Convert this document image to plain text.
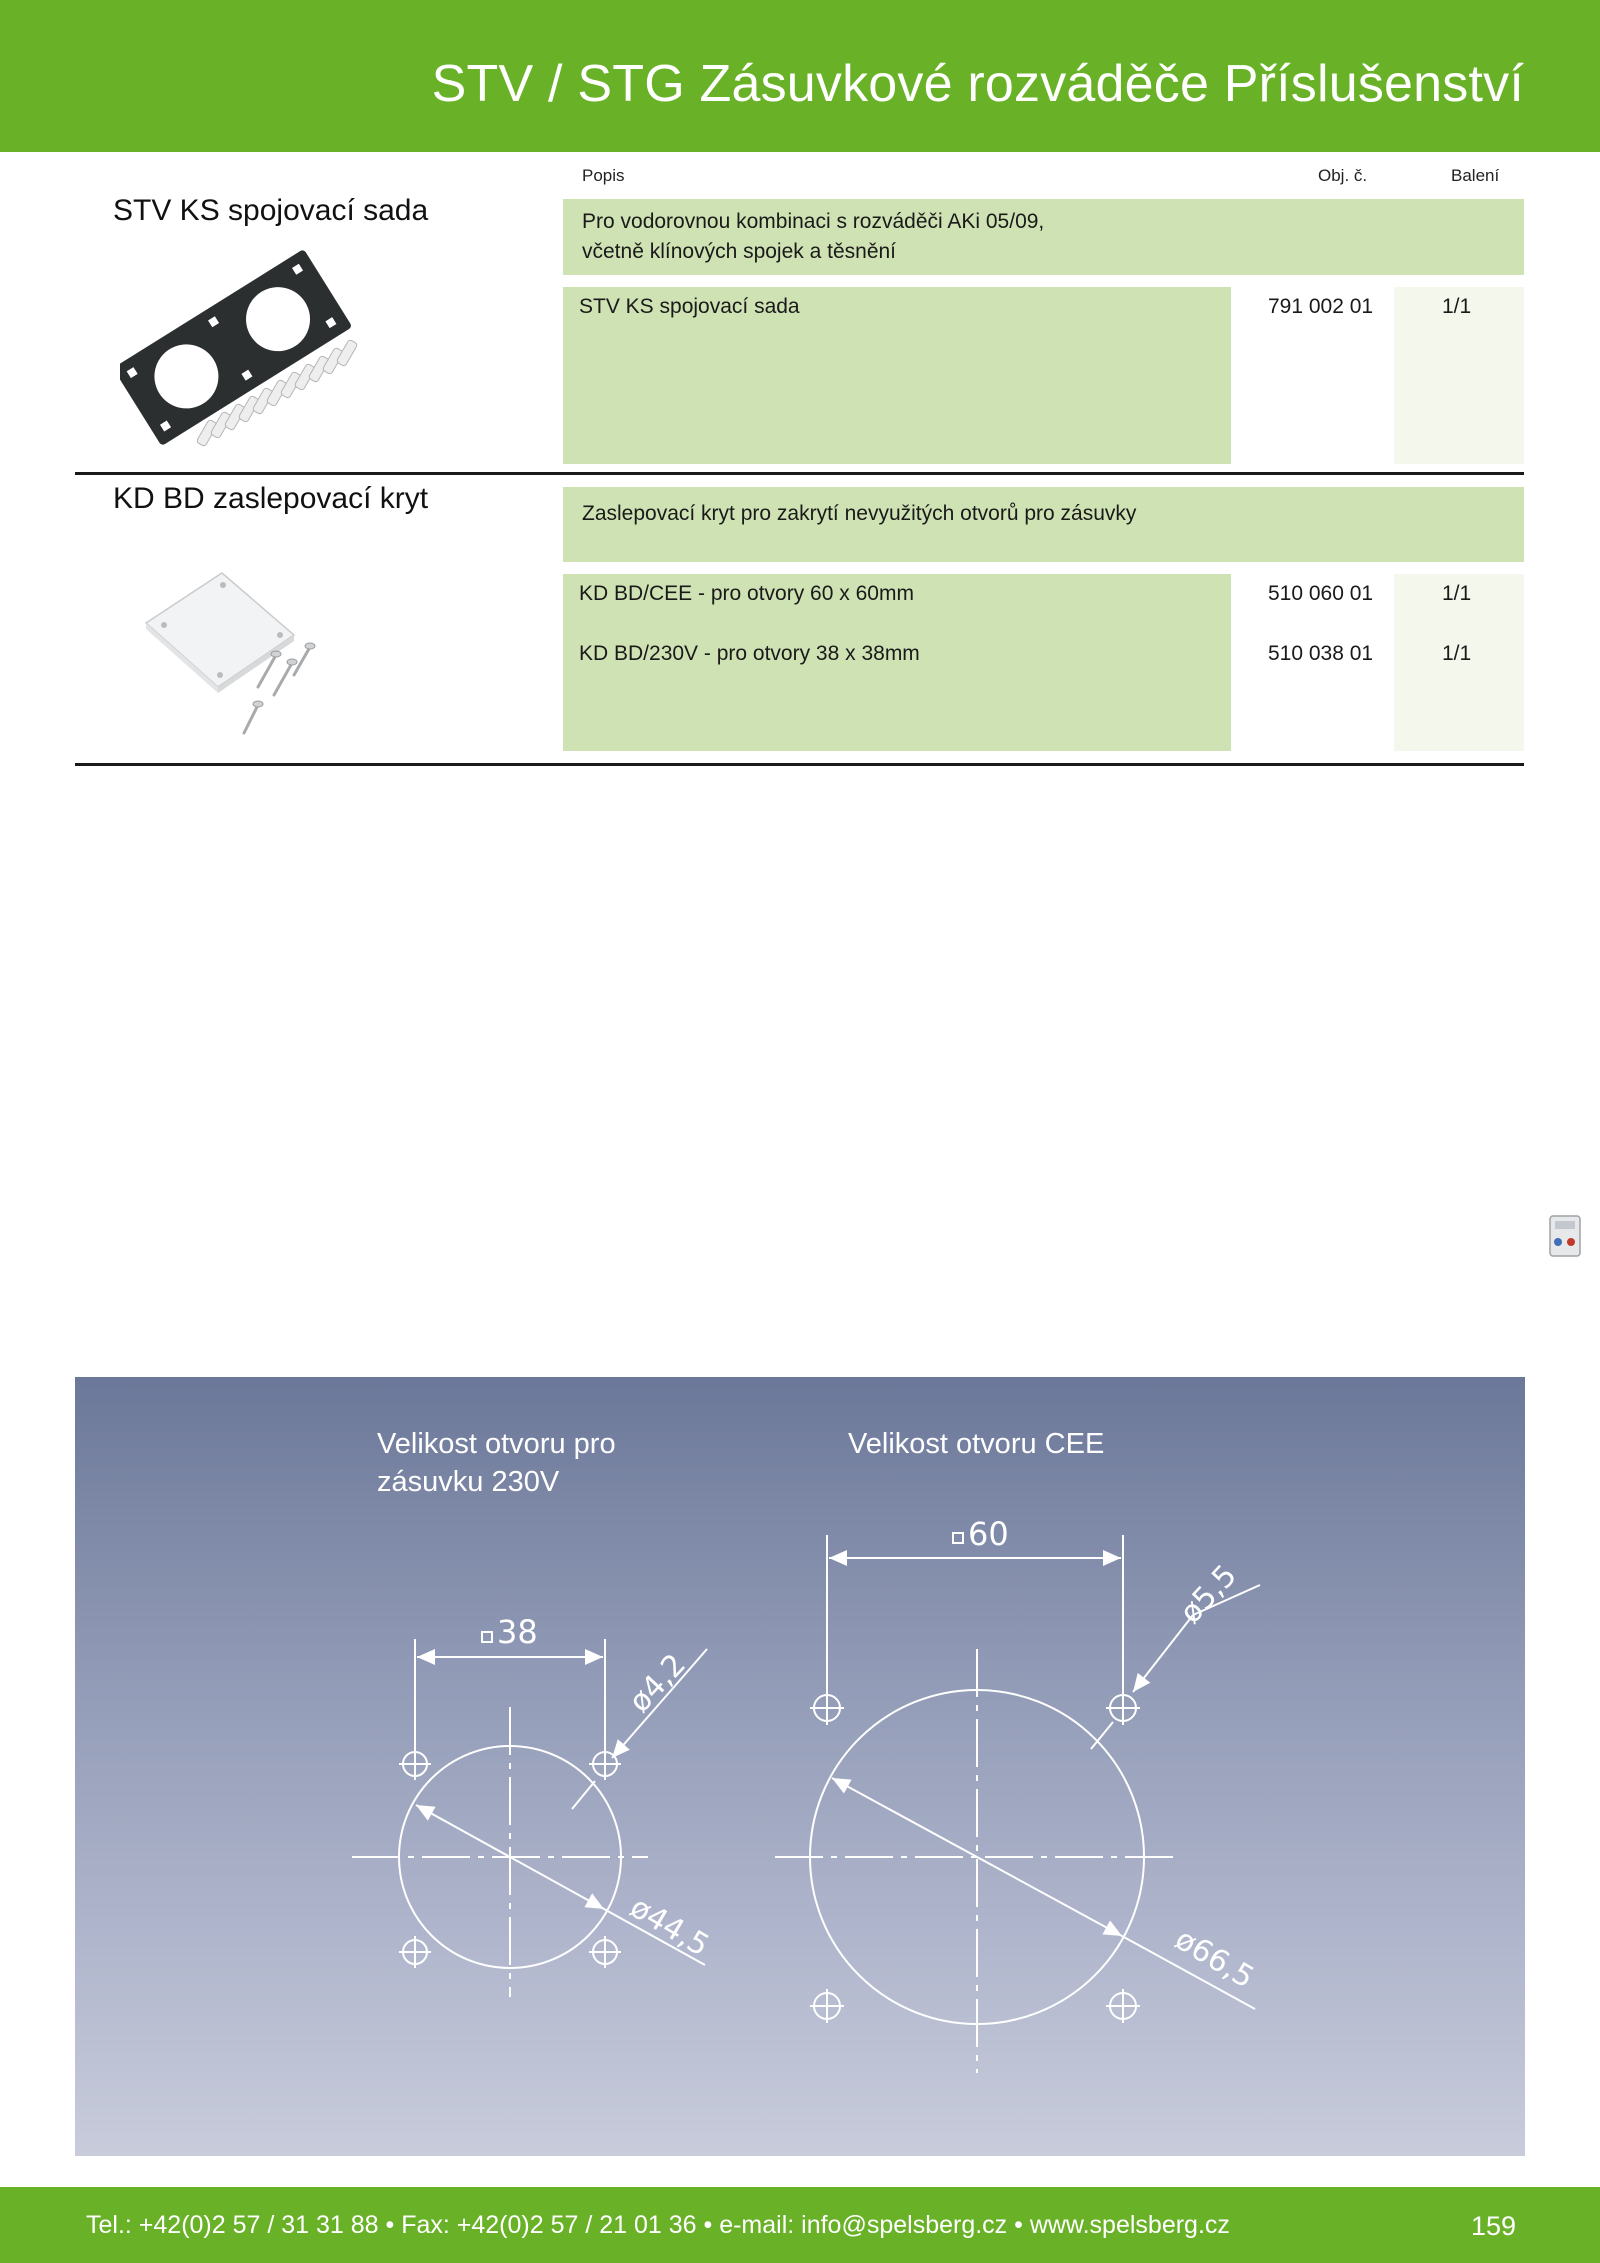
STV / STG Zásuvkové rozváděče Příslušenství
Popis	Obj. č.	Balení
STV KS spojovací sada	Pro vodorovnou kombinaci s rozváděči AKi 05/09,
včetně klínových spojek a těsnění
STV KS spojovací sada	791 002 01	1/1
KD BD zaslepovací kryt	Zaslepovací kryt pro zakrytí nevyužitých otvorů pro zásuvky
KD BD/CEE - pro otvory 60 x 60mm	510 060 01	1/1
KD BD/230V - pro otvory 38 x 38mm	510 038 01	1/1
Velikost otvoru pro
zásuvku 230V
Velikost otvoru CEE
38
ø4,2
ø44,5
60
ø5,5
ø66,5
Tel.: +42(0)2 57 / 31 31 88 • Fax: +42(0)2 57 / 21 01 36 • e-mail: info@spelsberg.cz • www.spelsberg.cz	159
